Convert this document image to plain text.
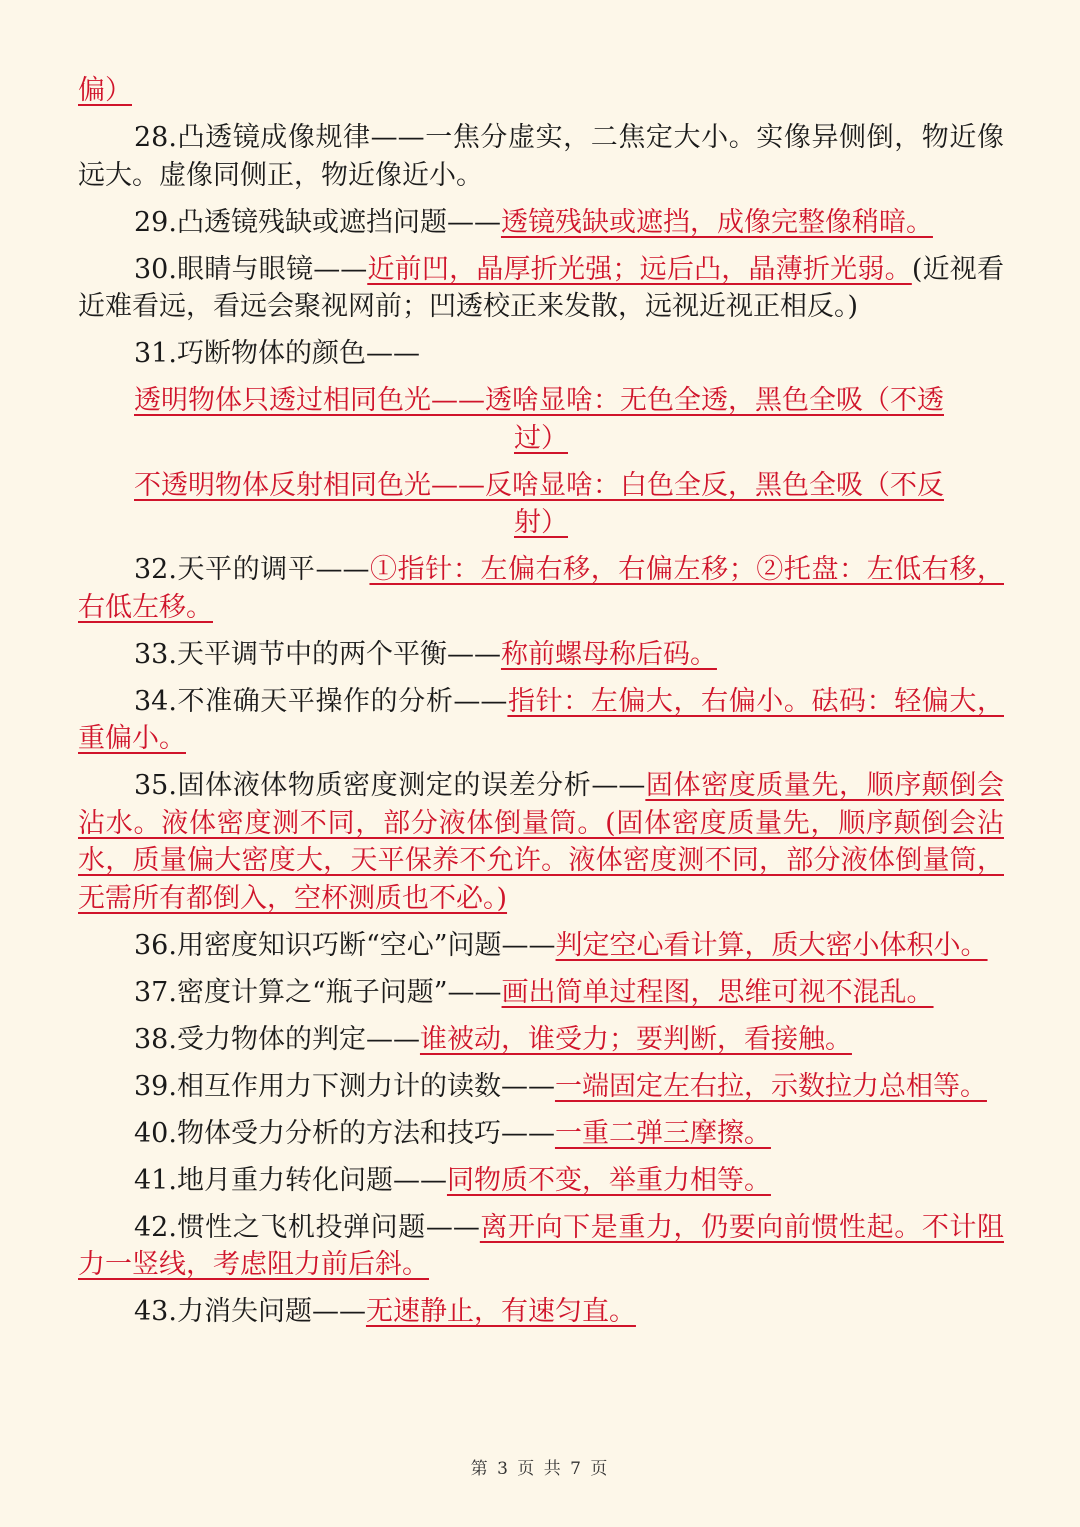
偏）

28.凸透镜成像规律——一焦分虚实，二焦定大小。实像异侧倒，物近像远大。虚像同侧正，物近像近小。

29.凸透镜残缺或遮挡问题——透镜残缺或遮挡，成像完整像稍暗。

30.眼睛与眼镜——近前凹，晶厚折光强；远后凸，晶薄折光弱。(近视看近难看远，看远会聚视网前；凹透校正来发散，远视近视正相反。)

31.巧断物体的颜色——

透明物体只透过相同色光——透啥显啥：无色全透，黑色全吸（不透
过）
不透明物体反射相同色光——反啥显啥：白色全反，黑色全吸（不反
射）

32.天平的调平——①指针：左偏右移，右偏左移；②托盘：左低右移，右低左移。

33.天平调节中的两个平衡——称前螺母称后码。

34.不准确天平操作的分析——指针：左偏大，右偏小。砝码：轻偏大，重偏小。

35.固体液体物质密度测定的误差分析——固体密度质量先，顺序颠倒会沾水。液体密度测不同，部分液体倒量筒。(固体密度质量先，顺序颠倒会沾水，质量偏大密度大，天平保养不允许。液体密度测不同，部分液体倒量筒，无需所有都倒入，空杯测质也不必。)

36.用密度知识巧断“空心”问题——判定空心看计算，质大密小体积小。

37.密度计算之“瓶子问题”——画出简单过程图，思维可视不混乱。

38.受力物体的判定——谁被动，谁受力；要判断，看接触。

39.相互作用力下测力计的读数——一端固定左右拉，示数拉力总相等。

40.物体受力分析的方法和技巧——一重二弹三摩擦。

41.地月重力转化问题——同物质不变，举重力相等。

42.惯性之飞机投弹问题——离开向下是重力，仍要向前惯性起。不计阻力一竖线，考虑阻力前后斜。

43.力消失问题——无速静止，有速匀直。

第 3 页 共 7 页
